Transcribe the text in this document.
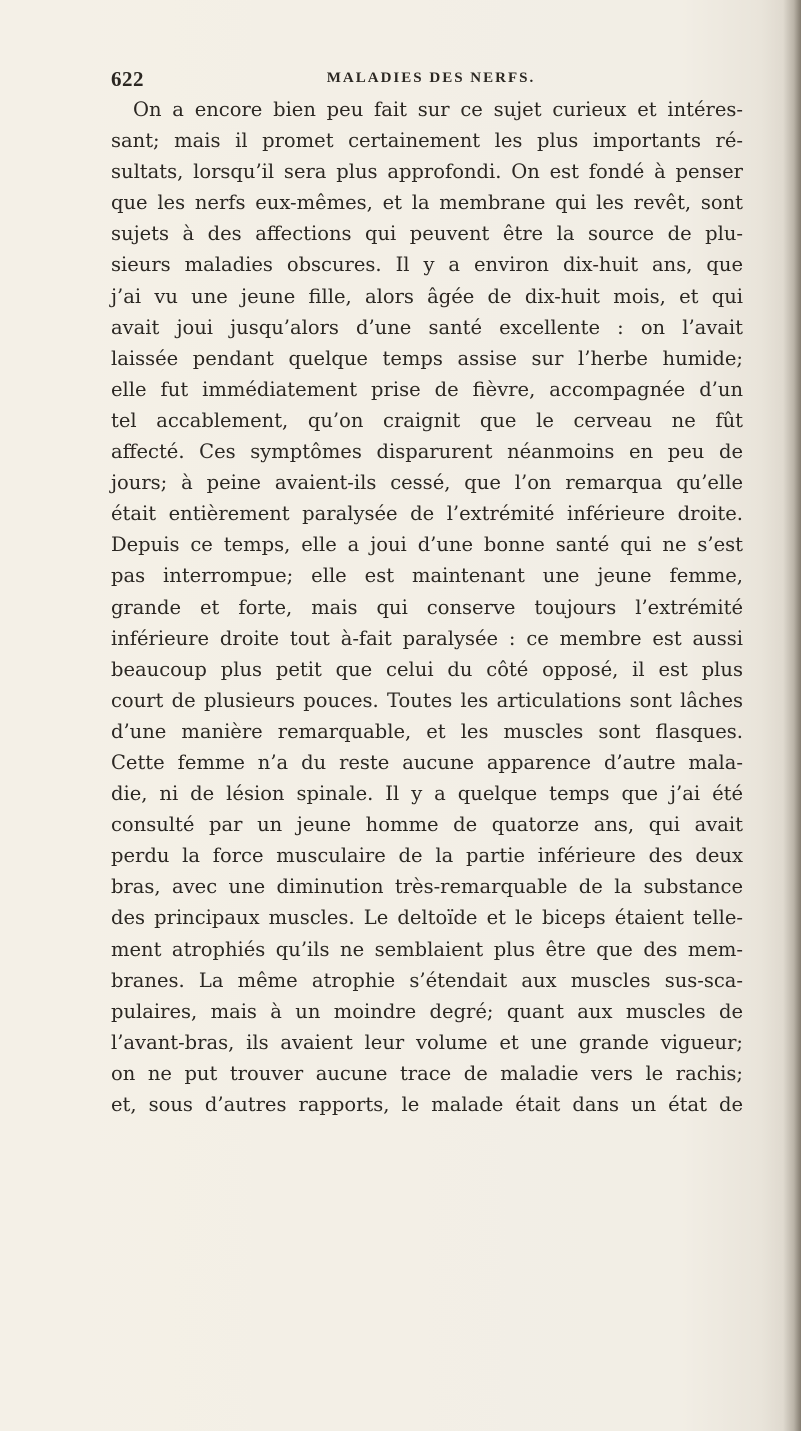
622	MALADIES DES NERFS.
On a encore bien peu fait sur ce sujet curieux et intéres-
sant; mais il promet certainement les plus importants ré-
sultats, lorsqu’il sera plus approfondi. On est fondé à penser
que les nerfs eux-mêmes, et la membrane qui les revêt, sont
sujets à des affections qui peuvent être la source de plu-
sieurs maladies obscures. Il y a environ dix-huit ans, que
j’ai vu une jeune fille, alors âgée de dix-huit mois, et qui
avait joui jusqu’alors d’une santé excellente : on l’avait
laissée pendant quelque temps assise sur l’herbe humide;
elle fut immédiatement prise de fièvre, accompagnée d’un
tel accablement, qu’on craignit que le cerveau ne fût
affecté. Ces symptômes disparurent néanmoins en peu de
jours; à peine avaient-ils cessé, que l’on remarqua qu’elle
était entièrement paralysée de l’extrémité inférieure droite.
Depuis ce temps, elle a joui d’une bonne santé qui ne s’est
pas interrompue; elle est maintenant une jeune femme,
grande et forte, mais qui conserve toujours l’extrémité
inférieure droite tout à-fait paralysée : ce membre est aussi
beaucoup plus petit que celui du côté opposé, il est plus
court de plusieurs pouces. Toutes les articulations sont lâches
d’une manière remarquable, et les muscles sont flasques.
Cette femme n’a du reste aucune apparence d’autre mala-
die, ni de lésion spinale. Il y a quelque temps que j’ai été
consulté par un jeune homme de quatorze ans, qui avait
perdu la force musculaire de la partie inférieure des deux
bras, avec une diminution très-remarquable de la substance
des principaux muscles. Le deltoïde et le biceps étaient telle-
ment atrophiés qu’ils ne semblaient plus être que des mem-
branes. La même atrophie s’étendait aux muscles sus-sca-
pulaires, mais à un moindre degré; quant aux muscles de
l’avant-bras, ils avaient leur volume et une grande vigueur;
on ne put trouver aucune trace de maladie vers le rachis;
et, sous d’autres rapports, le malade était dans un état de
